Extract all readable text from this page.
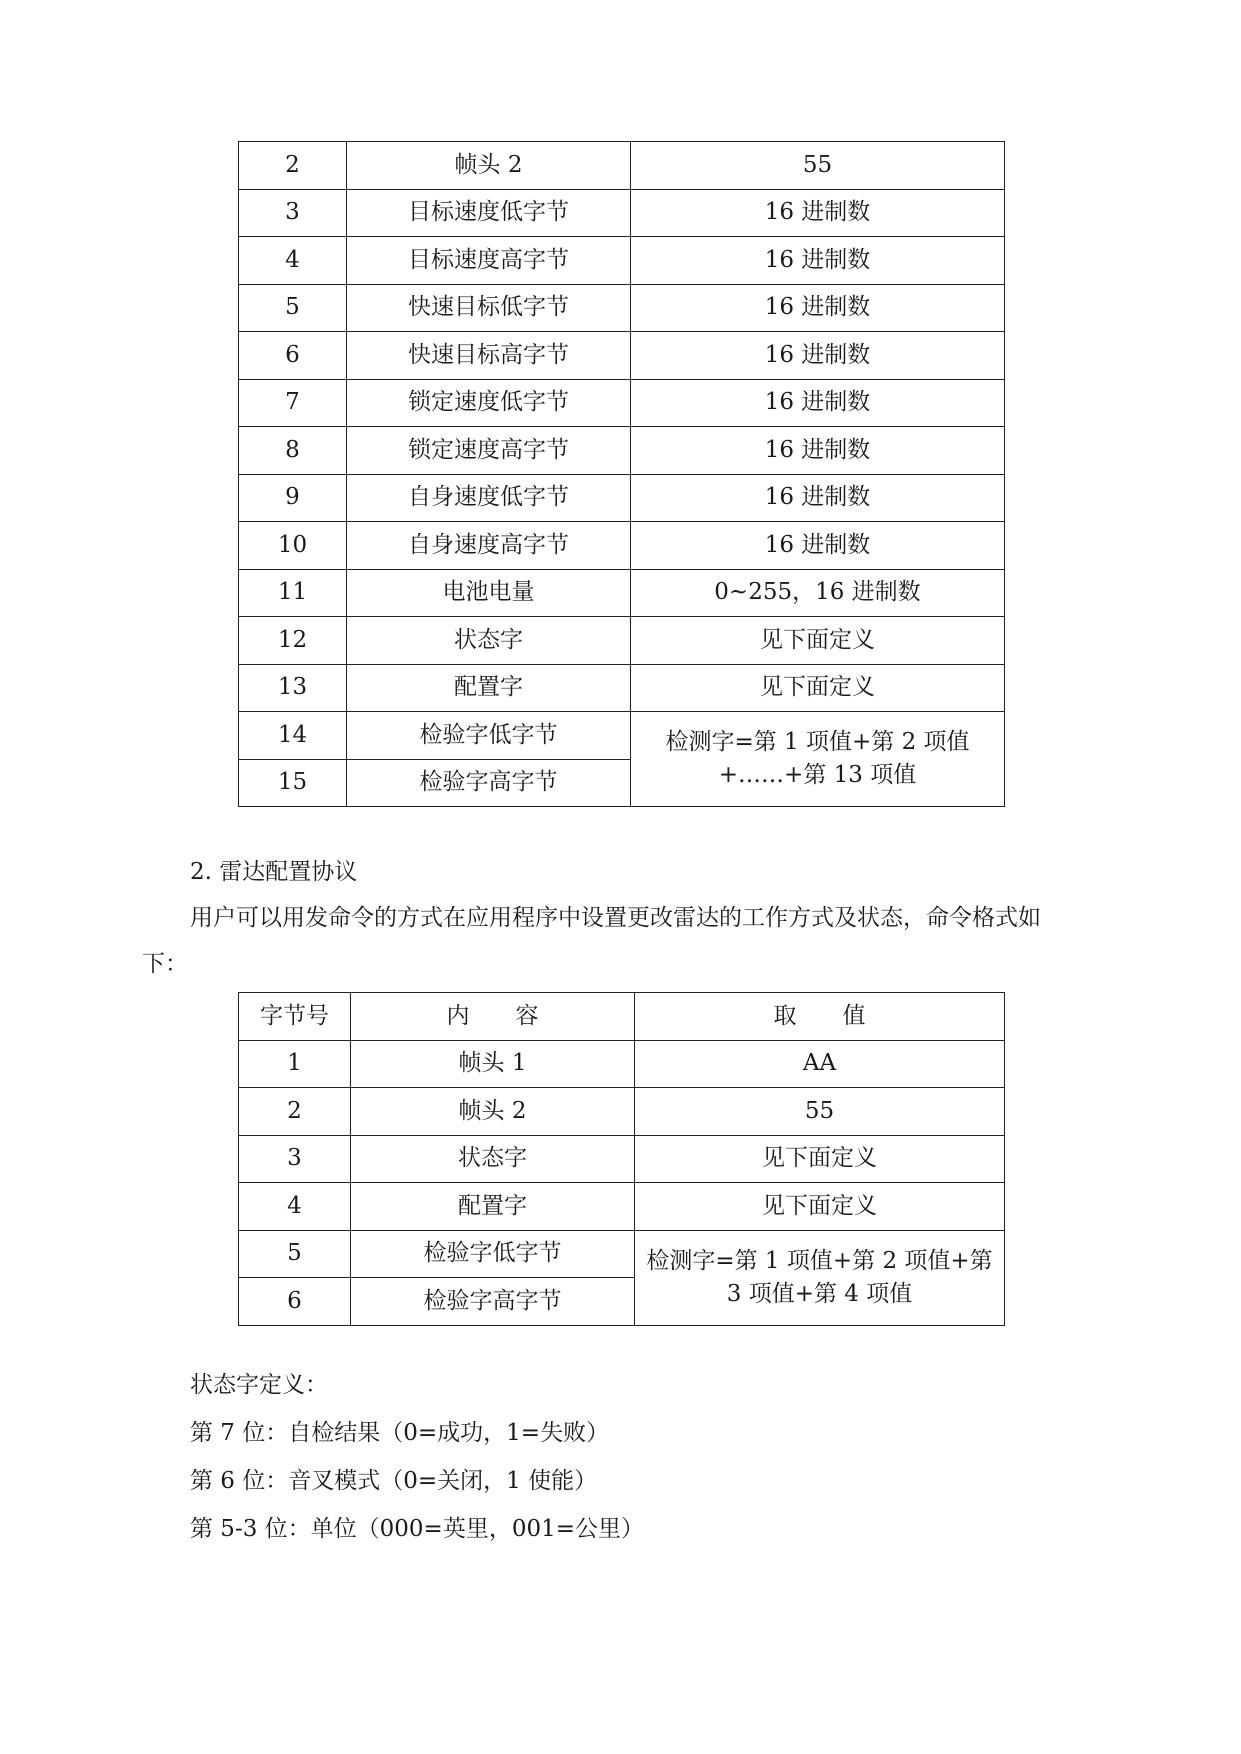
2	帧头 2	55
3	目标速度低字节	16 进制数
4	目标速度高字节	16 进制数
5	快速目标低字节	16 进制数
6	快速目标高字节	16 进制数
7	锁定速度低字节	16 进制数
8	锁定速度高字节	16 进制数
9	自身速度低字节	16 进制数
10	自身速度高字节	16 进制数
11	电池电量	0~255，16 进制数
12	状态字	见下面定义
13	配置字	见下面定义
14	检验字低字节	检测字=第 1 项值+第 2 项值
+……+第 13 项值

15	检验字高字节	

2. 雷达配置协议

用户可以用发命令的方式在应用程序中设置更改雷达的工作方式及状态，命令格式如

下：

字节号	内　　容	取　　值
1	帧头 1	AA
2	帧头 2	55
3	状态字	见下面定义
4	配置字	见下面定义
5	检验字低字节	检测字=第 1 项值+第 2 项值+第
3 项值+第 4 项值

6	检验字高字节	

状态字定义：

第 7 位：自检结果（0=成功，1=失败）

第 6 位：音叉模式（0=关闭，1 使能）

第 5-3 位：单位（000=英里，001=公里）
